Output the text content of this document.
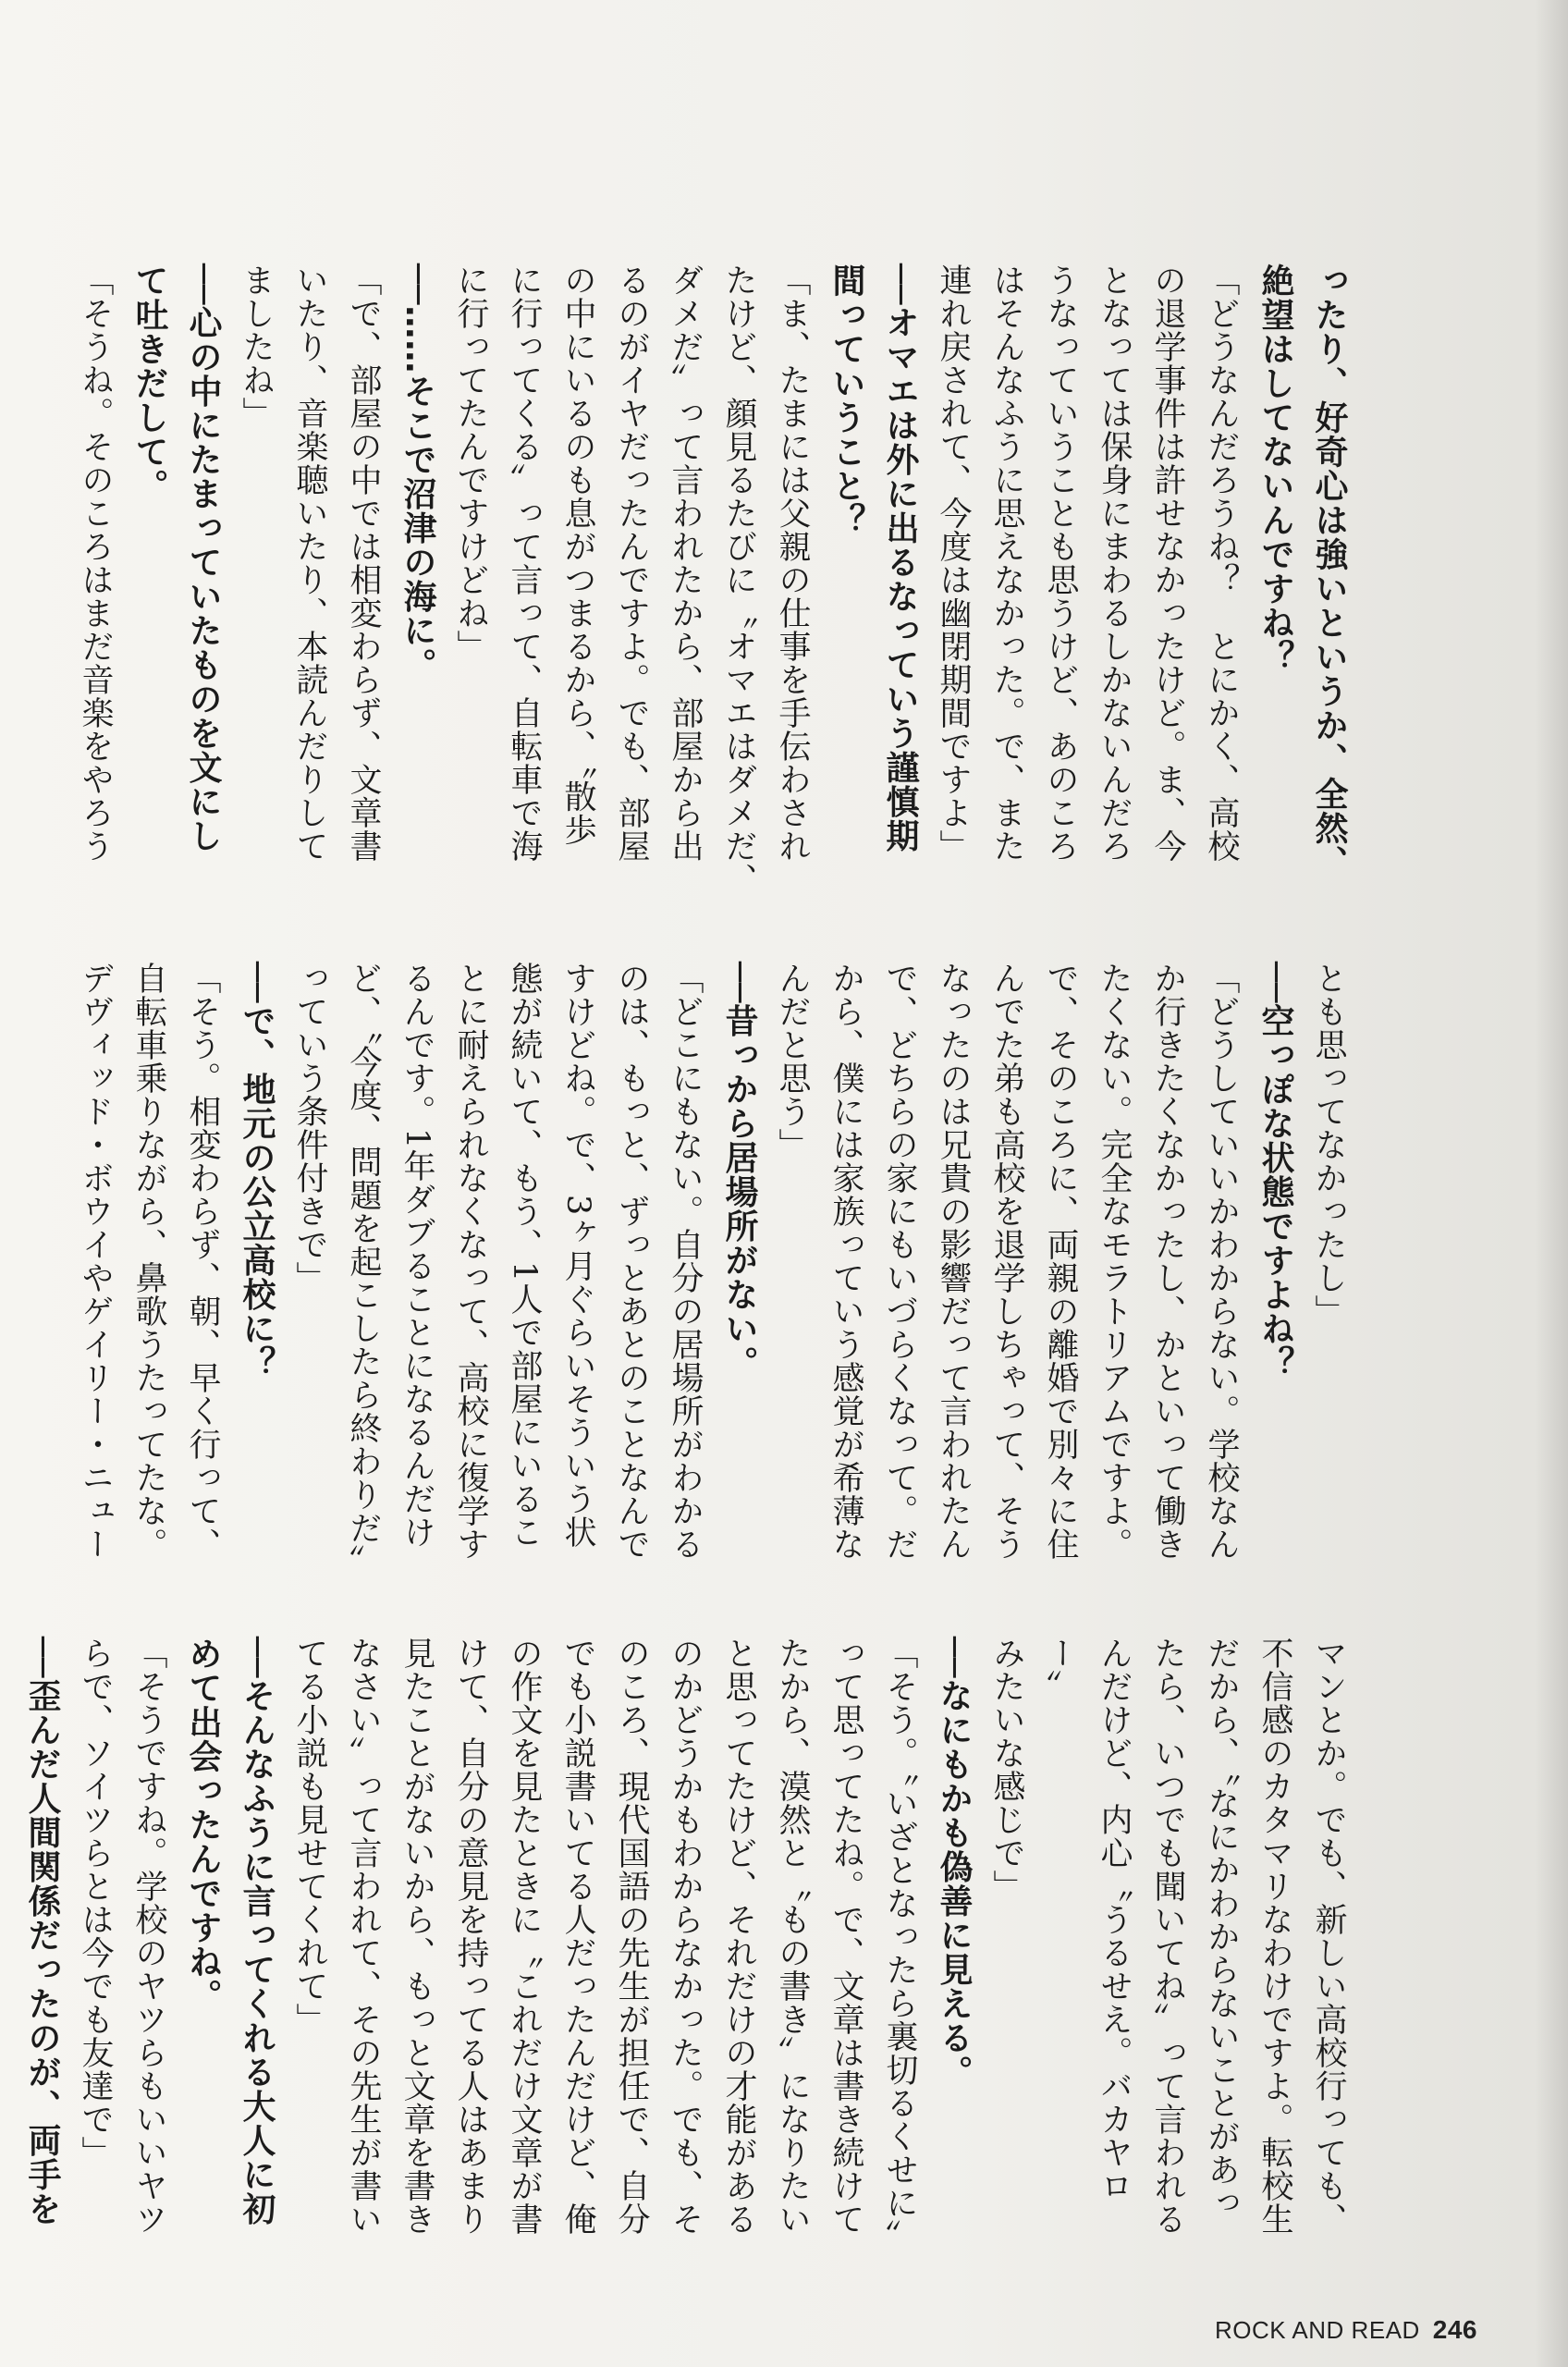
ったり、好奇心は強いというか、全然、
絶望はしてないんですね？

「どうなんだろうね？　とにかく、高校
の退学事件は許せなかったけど。ま、今
となっては保身にまわるしかないんだろ
うなっていうことも思うけど、あのころ
はそんなふうに思えなかった。で、また
連れ戻されて、今度は幽閉期間ですよ」

──オマエは外に出るなっていう謹慎期
間っていうこと？

「ま、たまには父親の仕事を手伝わされ
たけど、顔見るたびに〝オマエはダメだ、
ダメだ〟って言われたから、部屋から出
るのがイヤだったんですよ。でも、部屋
の中にいるのも息がつまるから、〝散歩
に行ってくる〟って言って、自転車で海
に行ってたんですけどね」

──……そこで沼津の海に。

「で、部屋の中では相変わらず、文章書
いたり、音楽聴いたり、本読んだりして
ましたね」

──心の中にたまっていたものを文にし
て吐きだして。

「そうね。そのころはまだ音楽をやろう

とも思ってなかったし」

──空っぽな状態ですよね？

「どうしていいかわからない。学校なん
か行きたくなかったし、かといって働き
たくない。完全なモラトリアムですよ。
で、そのころに、両親の離婚で別々に住
んでた弟も高校を退学しちゃって、そう
なったのは兄貴の影響だって言われたん
で、どちらの家にもいづらくなって。だ
から、僕には家族っていう感覚が希薄な
んだと思う」

──昔っから居場所がない。

「どこにもない。自分の居場所がわかる
のは、もっと、ずっとあとのことなんで
すけどね。で、3ヶ月ぐらいそういう状
態が続いて、もう、1人で部屋にいるこ
とに耐えられなくなって、高校に復学す
るんです。1年ダブることになるんだけ
ど、〝今度、問題を起こしたら終わりだ〟
っていう条件付きで」

──で、地元の公立高校に？

「そう。相変わらず、朝、早く行って、
自転車乗りながら、鼻歌うたってたな。
デヴィッド・ボウイやゲイリー・ニュー

マンとか。でも、新しい高校行っても、
不信感のカタマリなわけですよ。転校生
だから、〝なにかわからないことがあっ
たら、いつでも聞いてね〟って言われる
んだけど、内心〝うるせえ。バカヤロー〟
みたいな感じで」

──なにもかも偽善に見える。

「そう。〝いざとなったら裏切るくせに〟
って思ってたね。で、文章は書き続けて
たから、漠然と〝もの書き〟になりたい
と思ってたけど、それだけの才能がある
のかどうかもわからなかった。でも、そ
のころ、現代国語の先生が担任で、自分
でも小説書いてる人だったんだけど、俺
の作文を見たときに〝これだけ文章が書
けて、自分の意見を持ってる人はあまり
見たことがないから、もっと文章を書き
なさい〟って言われて、その先生が書い
てる小説も見せてくれて」

──そんなふうに言ってくれる大人に初
めて出会ったんですね。

「そうですね。学校のヤツらもいいヤツ
らで、ソイツらとは今でも友達で」

──歪んだ人間関係だったのが、両手を

ROCK AND READ 246
